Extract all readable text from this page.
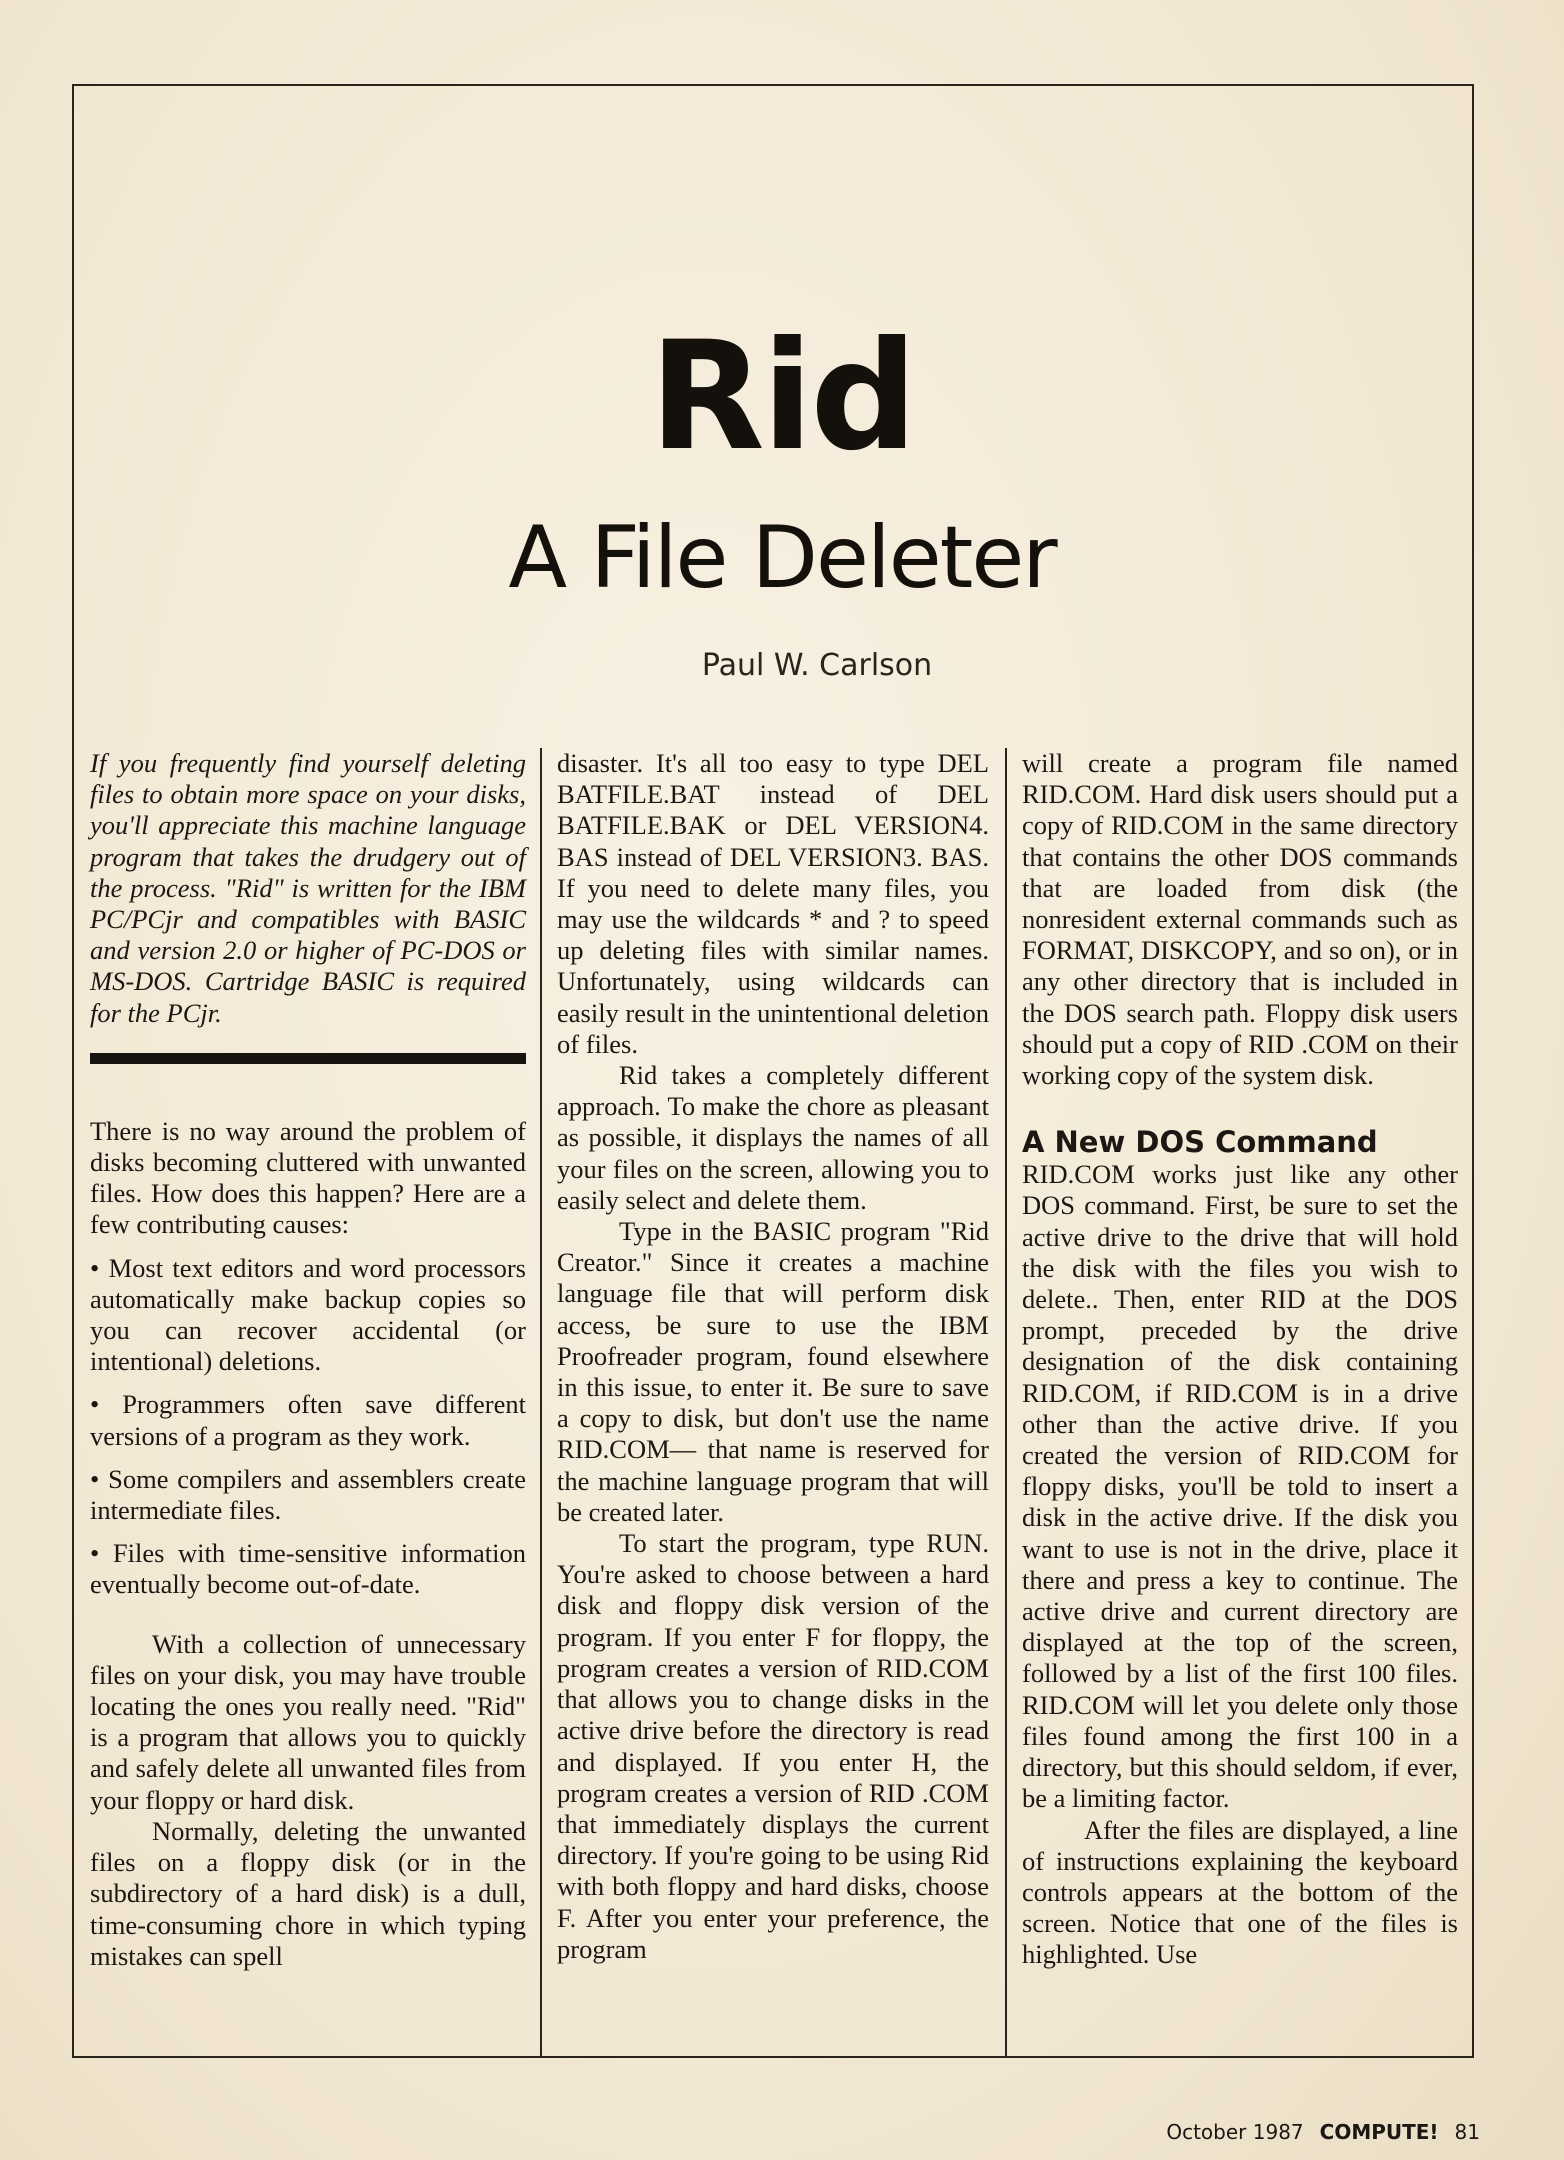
Rid
A File Deleter
Paul W. Carlson

If you frequently find yourself deleting files to obtain more space on your disks, you'll appreciate this machine language program that takes the drudgery out of the process. "Rid" is written for the IBM PC/PCjr and compatibles with BASIC and version 2.0 or higher of PC-DOS or MS-DOS. Cartridge BASIC is required for the PCjr.

There is no way around the problem of disks becoming cluttered with unwanted files. How does this happen? Here are a few contributing causes:

• Most text editors and word processors automatically make backup copies so you can recover accidental (or intentional) deletions.

• Programmers often save different versions of a program as they work.

• Some compilers and assemblers create intermediate files.

• Files with time-sensitive information eventually become out-of-date.

With a collection of unnecessary files on your disk, you may have trouble locating the ones you really need. "Rid" is a program that allows you to quickly and safely delete all unwanted files from your floppy or hard disk.

Normally, deleting the unwanted files on a floppy disk (or in the subdirectory of a hard disk) is a dull, time-consuming chore in which typing mistakes can spell

disaster. It's all too easy to type DEL BATFILE.BAT instead of DEL BATFILE.BAK or DEL VERSION4. BAS instead of DEL VERSION3. BAS. If you need to delete many files, you may use the wildcards * and ? to speed up deleting files with similar names. Unfortunately, using wildcards can easily result in the unintentional deletion of files.

Rid takes a completely different approach. To make the chore as pleasant as possible, it displays the names of all your files on the screen, allowing you to easily select and delete them.

Type in the BASIC program "Rid Creator." Since it creates a machine language file that will perform disk access, be sure to use the IBM Proofreader program, found elsewhere in this issue, to enter it. Be sure to save a copy to disk, but don't use the name RID.COM— that name is reserved for the machine language program that will be created later.

To start the program, type RUN. You're asked to choose between a hard disk and floppy disk version of the program. If you enter F for floppy, the program creates a version of RID.COM that allows you to change disks in the active drive before the directory is read and displayed. If you enter H, the program creates a version of RID .COM that immediately displays the current directory. If you're going to be using Rid with both floppy and hard disks, choose F. After you enter your preference, the program

will create a program file named RID.COM. Hard disk users should put a copy of RID.COM in the same directory that contains the other DOS commands that are loaded from disk (the nonresident external commands such as FORMAT, DISKCOPY, and so on), or in any other directory that is included in the DOS search path. Floppy disk users should put a copy of RID .COM on their working copy of the system disk.

A New DOS Command

RID.COM works just like any other DOS command. First, be sure to set the active drive to the drive that will hold the disk with the files you wish to delete.. Then, enter RID at the DOS prompt, preceded by the drive designation of the disk containing RID.COM, if RID.COM is in a drive other than the active drive. If you created the version of RID.COM for floppy disks, you'll be told to insert a disk in the active drive. If the disk you want to use is not in the drive, place it there and press a key to continue. The active drive and current directory are displayed at the top of the screen, followed by a list of the first 100 files. RID.COM will let you delete only those files found among the first 100 in a directory, but this should seldom, if ever, be a limiting factor.

After the files are displayed, a line of instructions explaining the keyboard controls appears at the bottom of the screen. Notice that one of the files is highlighted. Use

October 1987 COMPUTE! 81
